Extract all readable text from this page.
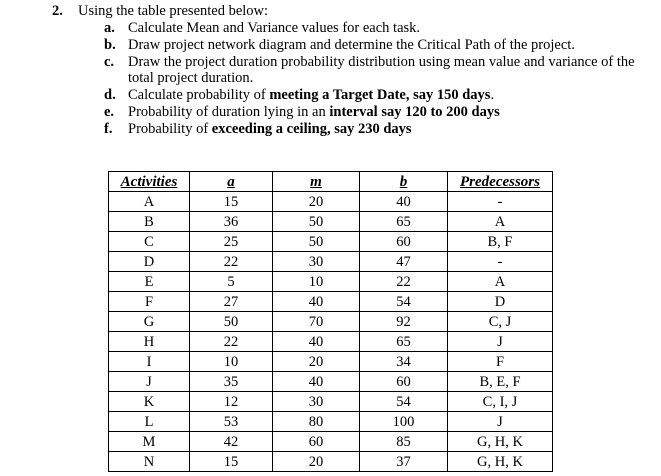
2. Using the table presented below:
a. Calculate Mean and Variance values for each task.
b. Draw project network diagram and determine the Critical Path of the project.
c. Draw the project duration probability distribution using mean value and variance of the
total project duration.
d. Calculate probability of meeting a Target Date, say 150 days.
e. Probability of duration lying in an interval say 120 to 200 days
f.	Probability of exceeding a ceiling, say 230 days
Activities	a	m	b	Predecessors
A	15	20	40	-
B	36	50	65	A
C	25	50	60	B, F
D	22	30	47	-
E	5	10	22	A
F	27	40	54	D
G	50	70	92	C, J
H	22	40	65	J
I	10	20	34	F
J	35	40	60	B, E, F
K	12	30	54	C, I, J
L	53	80	100	J
M	42	60	85	G, H, K
N	15	20	37	G, H, K
